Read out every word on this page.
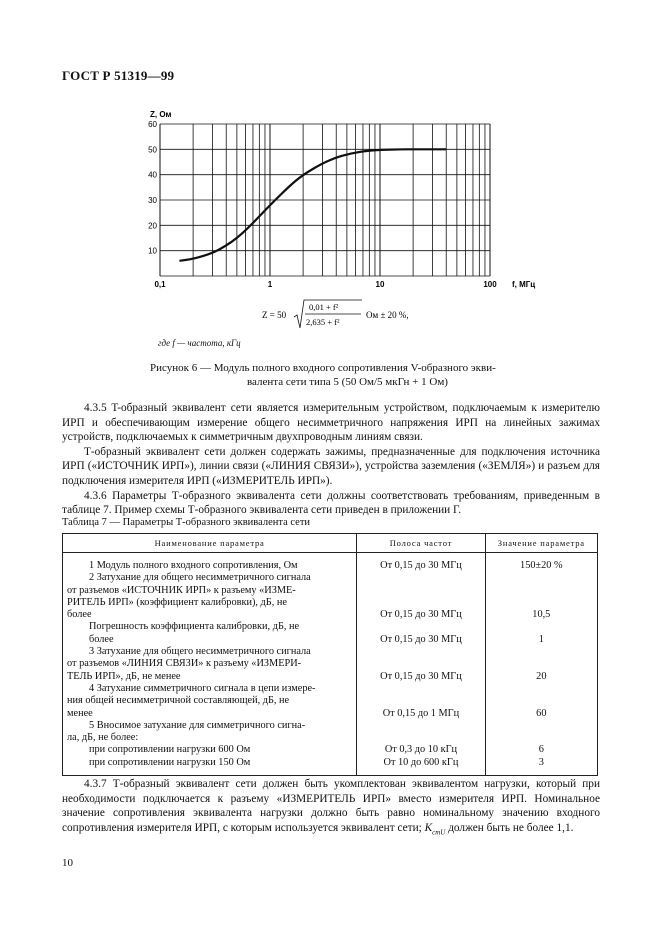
ГОСТ Р 51319—99
10
20
30
40
50
60
Z, Ом
0,1	1	10	100 f, МГц
Z = 50
0,01 + f²
2,635 + f²
Ом ± 20 %,
где f — частота, кГц
Рисунок 6 — Модуль полного входного сопротивления V-образного экви-
валента сети типа 5 (50 Ом/5 мкГн + 1 Ом)

4.3.5 T-образный эквивалент сети является измерительным устройством, подключаемым к измерителю ИРП и обеспечивающим измерение общего несимметричного напряжения ИРП на линейных зажимах устройств, подключаемых к симметричным двухпроводным линиям связи.

Т-образный эквивалент сети должен содержать зажимы, предназначенные для подключения источника ИРП («ИСТОЧНИК ИРП»), линии связи («ЛИНИЯ СВЯЗИ»), устройства заземления («ЗЕМЛЯ») и разъем для подключения измерителя ИРП («ИЗМЕРИТЕЛЬ ИРП»).

4.3.6 Параметры Т-образного эквивалента сети должны соответствовать требованиям, приведенным в таблице 7. Пример схемы Т-образного эквивалента сети приведен в приложении Г.

Таблица 7 — Параметры Т-образного эквивалента сети
Наименование параметра	Полоса частот	Значение параметра

1 Модуль полного входного сопротивления, Ом	От 0,15 до 30 МГц	150±20 %

2 Затухание для общего несимметричного сигнала
от разъемов «ИСТОЧНИК ИРП» к разъему «ИЗМЕ-
РИТЕЛЬ ИРП» (коэффициент калибровки), дБ, не
более	От 0,15 до 30 МГц	10,5

Погрешность коэффициента калибровки, дБ, не
более	От 0,15 до 30 МГц	1

3 Затухание для общего несимметричного сигнала
от разъемов «ЛИНИЯ СВЯЗИ» к разъему «ИЗМЕРИ-
ТЕЛЬ ИРП», дБ, не менее	От 0,15 до 30 МГц	20

4 Затухание симметричного сигнала в цепи измере-
ния общей несимметричной составляющей, дБ, не
менее	От 0,15 до 1 МГц	60

5 Вносимое затухание для симметричного сигна-
ла, дБ, не более:		

при сопротивлении нагрузки 600 Ом	От 0,3 до 10 кГц	6

при сопротивлении нагрузки 150 Ом	От 10 до 600 кГц	3

4.3.7 Т-образный эквивалент сети должен быть укомплектован эквивалентом нагрузки, который при необходимости подключается к разъему «ИЗМЕРИТЕЛЬ ИРП» вместо измерителя ИРП. Номинальное значение сопротивления эквивалента нагрузки должно быть равно номинальному значению входного сопротивления измерителя ИРП, с которым используется эквивалент сети; $K_{стU}$ должен быть не более 1,1.

10
